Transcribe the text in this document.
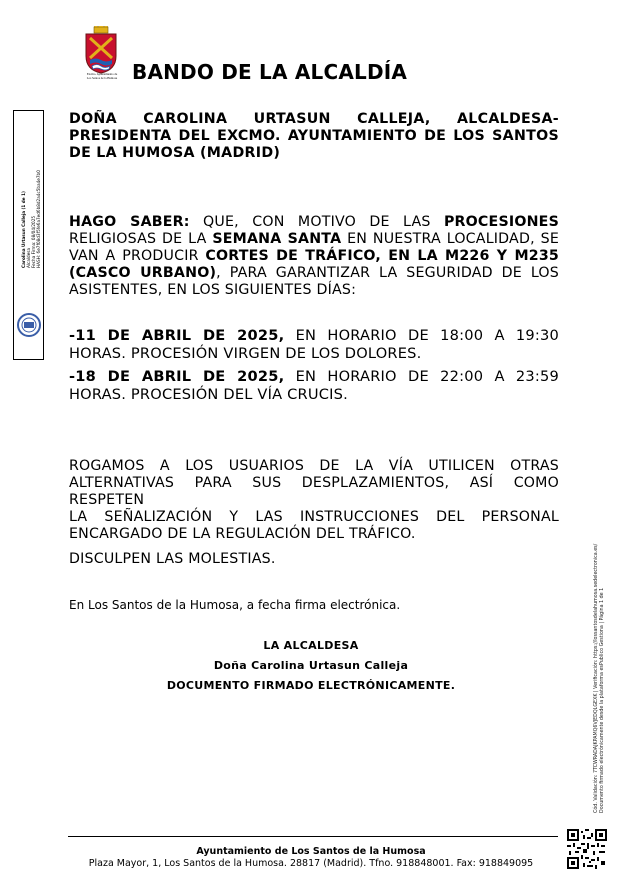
Excmo. Ayuntamiento de
Los Santos de la Humosa BANDO DE LA ALCALDÍA
DOÑA CAROLINA URTASUN CALLEJA, ALCALDESA-PRESIDENTA DEL EXCMO. AYUNTAMIENTO DE LOS SANTOS DE LA HUMOSA (MADRID)
HAGO SABER: QUE, CON MOTIVO DE LAS PROCESIONES
RELIGIOSAS DE LA SEMANA SANTA EN NUESTRA LOCALIDAD, SE
VAN A PRODUCIR CORTES DE TRÁFICO, EN LA M226 Y M235
(CASCO URBANO), PARA GARANTIZAR LA SEGURIDAD DE LOS
ASISTENTES, EN LOS SIGUIENTES DÍAS:
-11 DE ABRIL DE 2025, EN HORARIO DE 18:00 A 19:30
HORAS. PROCESIÓN VIRGEN DE LOS DOLORES.
-18 DE ABRIL DE 2025, EN HORARIO DE 22:00 A 23:59
HORAS. PROCESIÓN DEL VÍA CRUCIS.
ROGAMOS A LOS USUARIOS DE LA VÍA UTILICEN OTRAS
ALTERNATIVAS PARA SUS DESPLAZAMIENTOS, ASÍ COMO RESPETEN
LA SEÑALIZACIÓN Y LAS INSTRUCCIONES DEL PERSONAL
ENCARGADO DE LA REGULACIÓN DEL TRÁFICO.
DISCULPEN LAS MOLESTIAS.
En Los Santos de la Humosa, a fecha firma electrónica.
LA ALCALDESA
Doña Carolina Urtasun Calleja
DOCUMENTO FIRMADO ELECTRÓNICAMENTE.
Ayuntamiento de Los Santos de la Humosa
Plaza Mayor, 1, Los Santos de la Humosa. 28817 (Madrid). Tfno. 918848001. Fax: 918849095
Carolina Urtasun Calleja (1 de 1) Alcaldesa Fecha Firma: 08/04/2025 HASH: 6e7f08d3f5fe6a7ed6b8d2a4c5ba4e7b0
Cód. Validación: 7TCWRADAJKPAMQ6VJEDQLGEXK | Verificación: https://lossantosdelahumosa.sedelectronica.es/ Documento firmado electrónicamente desde la plataforma esPublico Gestiona | Página 1 de 1
